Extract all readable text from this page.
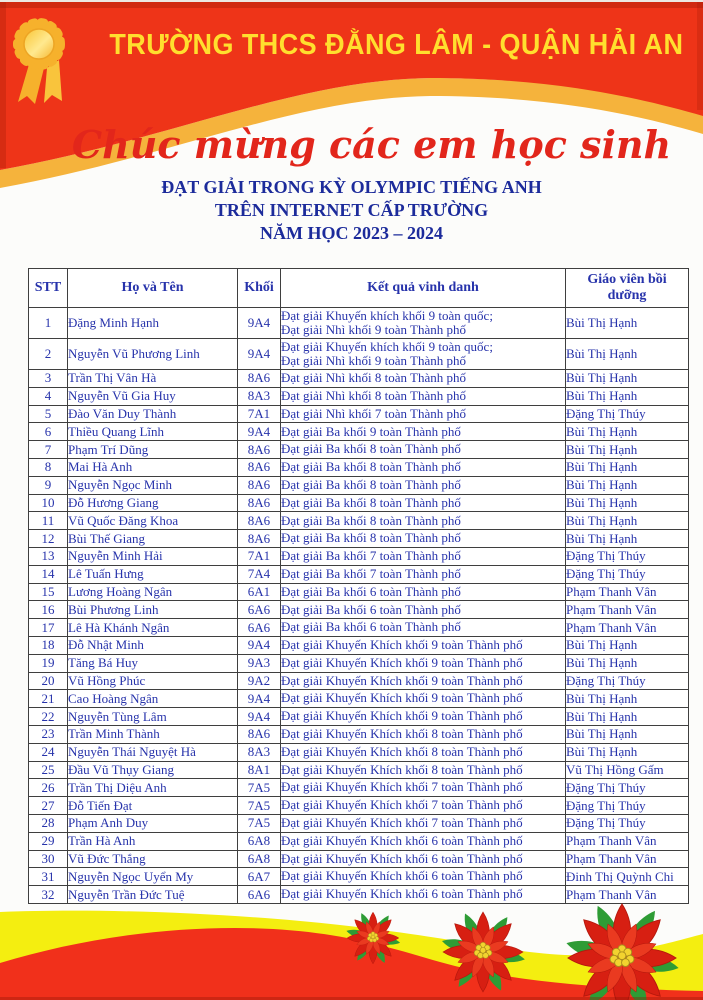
TRƯỜNG THCS ĐẰNG LÂM - QUẬN HẢI AN
Chúc mừng các em học sinh
ĐẠT GIẢI TRONG KỲ OLYMPIC TIẾNG ANH
TRÊN INTERNET CẤP TRƯỜNG
NĂM HỌC 2023 – 2024
STT	Họ và Tên	Khối	Kết quả vinh danh	Giáo viên bồi dưỡng
1	Đặng Minh Hạnh	9A4	Đạt giải Khuyến khích khối 9 toàn quốc;
Đạt giải Nhì khối 9 toàn Thành phố	Bùi Thị Hạnh
2	Nguyễn Vũ Phương Linh	9A4	Đạt giải Khuyến khích khối 9 toàn quốc;
Đạt giải Nhì khối 9 toàn Thành phố	Bùi Thị Hạnh
3	Trần Thị Vân Hà	8A6	Đạt giải Nhì khối 8 toàn Thành phố	Bùi Thị Hạnh
4	Nguyễn Vũ Gia Huy	8A3	Đạt giải Nhì khối 8 toàn Thành phố	Bùi Thị Hạnh
5	Đào Văn Duy Thành	7A1	Đạt giải Nhì khối 7 toàn Thành phố	Đặng Thị Thúy
6	Thiều Quang Lĩnh	9A4	Đạt giải Ba khối 9 toàn Thành phố	Bùi Thị Hạnh
7	Phạm Trí Dũng	8A6	Đạt giải Ba khối 8 toàn Thành phố	Bùi Thị Hạnh
8	Mai Hà Anh	8A6	Đạt giải Ba khối 8 toàn Thành phố	Bùi Thị Hạnh
9	Nguyễn Ngọc Minh	8A6	Đạt giải Ba khối 8 toàn Thành phố	Bùi Thị Hạnh
10	Đỗ Hương Giang	8A6	Đạt giải Ba khối 8 toàn Thành phố	Bùi Thị Hạnh
11	Vũ Quốc Đăng Khoa	8A6	Đạt giải Ba khối 8 toàn Thành phố	Bùi Thị Hạnh
12	Bùi Thế Giang	8A6	Đạt giải Ba khối 8 toàn Thành phố	Bùi Thị Hạnh
13	Nguyễn Minh Hải	7A1	Đạt giải Ba khối 7 toàn Thành phố	Đặng Thị Thúy
14	Lê Tuấn Hưng	7A4	Đạt giải Ba khối 7 toàn Thành phố	Đặng Thị Thúy
15	Lương Hoàng Ngân	6A1	Đạt giải Ba khối 6 toàn Thành phố	Phạm Thanh Vân
16	Bùi Phương Linh	6A6	Đạt giải Ba khối 6 toàn Thành phố	Phạm Thanh Vân
17	Lê Hà Khánh Ngân	6A6	Đạt giải Ba khối 6 toàn Thành phố	Phạm Thanh Vân
18	Đỗ Nhật Minh	9A4	Đạt giải Khuyến Khích khối 9 toàn Thành phố	Bùi Thị Hạnh
19	Tăng Bá Huy	9A3	Đạt giải Khuyến Khích khối 9 toàn Thành phố	Bùi Thị Hạnh
20	Vũ Hồng Phúc	9A2	Đạt giải Khuyến Khích khối 9 toàn Thành phố	Đặng Thị Thúy
21	Cao Hoàng Ngân	9A4	Đạt giải Khuyến Khích khối 9 toàn Thành phố	Bùi Thị Hạnh
22	Nguyễn Tùng Lâm	9A4	Đạt giải Khuyến Khích khối 9 toàn Thành phố	Bùi Thị Hạnh
23	Trần Minh Thành	8A6	Đạt giải Khuyến Khích khối 8 toàn Thành phố	Bùi Thị Hạnh
24	Nguyễn Thái Nguyệt Hà	8A3	Đạt giải Khuyến Khích khối 8 toàn Thành phố	Bùi Thị Hạnh
25	Đầu Vũ Thụy Giang	8A1	Đạt giải Khuyến Khích khối 8 toàn Thành phố	Vũ Thị Hồng Gấm
26	Trần Thị Diệu Anh	7A5	Đạt giải Khuyến Khích khối 7 toàn Thành phố	Đặng Thị Thúy
27	Đỗ Tiến Đạt	7A5	Đạt giải Khuyến Khích khối 7 toàn Thành phố	Đặng Thị Thúy
28	Phạm Anh Duy	7A5	Đạt giải Khuyến Khích khối 7 toàn Thành phố	Đặng Thị Thúy
29	Trần Hà Anh	6A8	Đạt giải Khuyến Khích khối 6 toàn Thành phố	Phạm Thanh Vân
30	Vũ Đức Thắng	6A8	Đạt giải Khuyến Khích khối 6 toàn Thành phố	Phạm Thanh Vân
31	Nguyễn Ngọc Uyển My	6A7	Đạt giải Khuyến Khích khối 6 toàn Thành phố	Đinh Thị Quỳnh Chi
32	Nguyễn Trần Đức Tuệ	6A6	Đạt giải Khuyến Khích khối 6 toàn Thành phố	Phạm Thanh Vân
